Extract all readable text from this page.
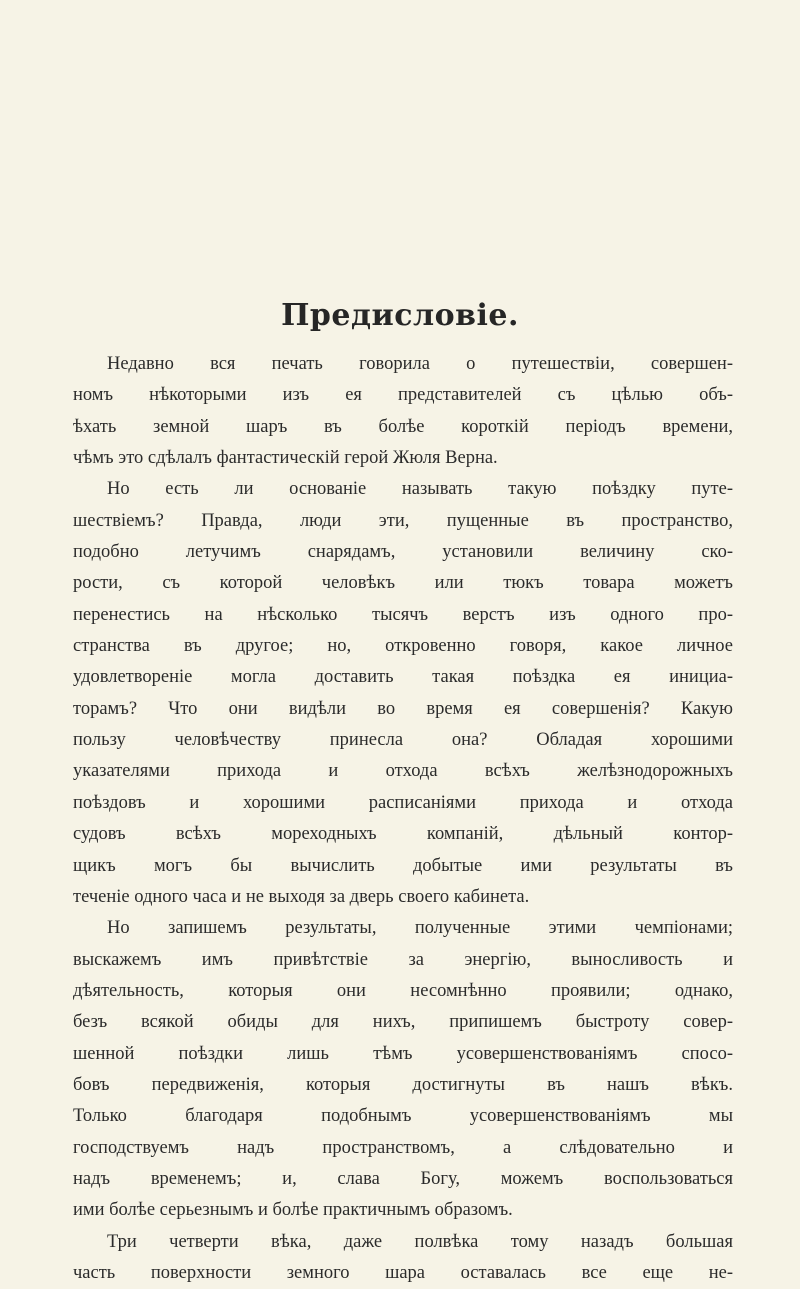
Предисловіе.
Недавно вся печать говорила о путешествіи, совершен-
номъ нѣкоторыми изъ ея представителей съ цѣлью объ-
ѣхать земной шаръ въ болѣе короткій періодъ времени,
чѣмъ это сдѣлалъ фантастическій герой Жюля Верна.
Но есть ли основаніе называть такую поѣздку путе-
шествіемъ? Правда, люди эти, пущенные въ пространство,
подобно летучимъ снарядамъ, установили величину ско-
рости, съ которой человѣкъ или тюкъ товара можетъ
перенестись на нѣсколько тысячъ верстъ изъ одного про-
странства въ другое; но, откровенно говоря, какое личное
удовлетвореніе могла доставить такая поѣздка ея инициа-
торамъ? Что они видѣли во время ея совершенія? Какую
пользу человѣчеству принесла она? Обладая хорошими
указателями прихода и отхода всѣхъ желѣзнодорожныхъ
поѣздовъ и хорошими расписаніями прихода и отхода
судовъ всѣхъ мореходныхъ компаній, дѣльный контор-
щикъ могъ бы вычислить добытые ими результаты въ
теченіе одного часа и не выходя за дверь своего кабинета.
Но запишемъ результаты, полученные этими чемпіонами;
выскажемъ имъ привѣтствіе за энергію, выносливость и
дѣятельность, которыя они несомнѣнно проявили; однако,
безъ всякой обиды для нихъ, припишемъ быстроту совер-
шенной поѣздки лишь тѣмъ усовершенствованіямъ спосо-
бовъ передвиженія, которыя достигнуты въ нашъ вѣкъ.
Только благодаря подобнымъ усовершенствованіямъ мы
господствуемъ надъ пространствомъ, а слѣдовательно и
надъ временемъ; и, слава Богу, можемъ воспользоваться
ими болѣе серьезнымъ и болѣе практичнымъ образомъ.
Три четверти вѣка, даже полвѣка тому назадъ большая
часть поверхности земного шара оставалась все еще не-
